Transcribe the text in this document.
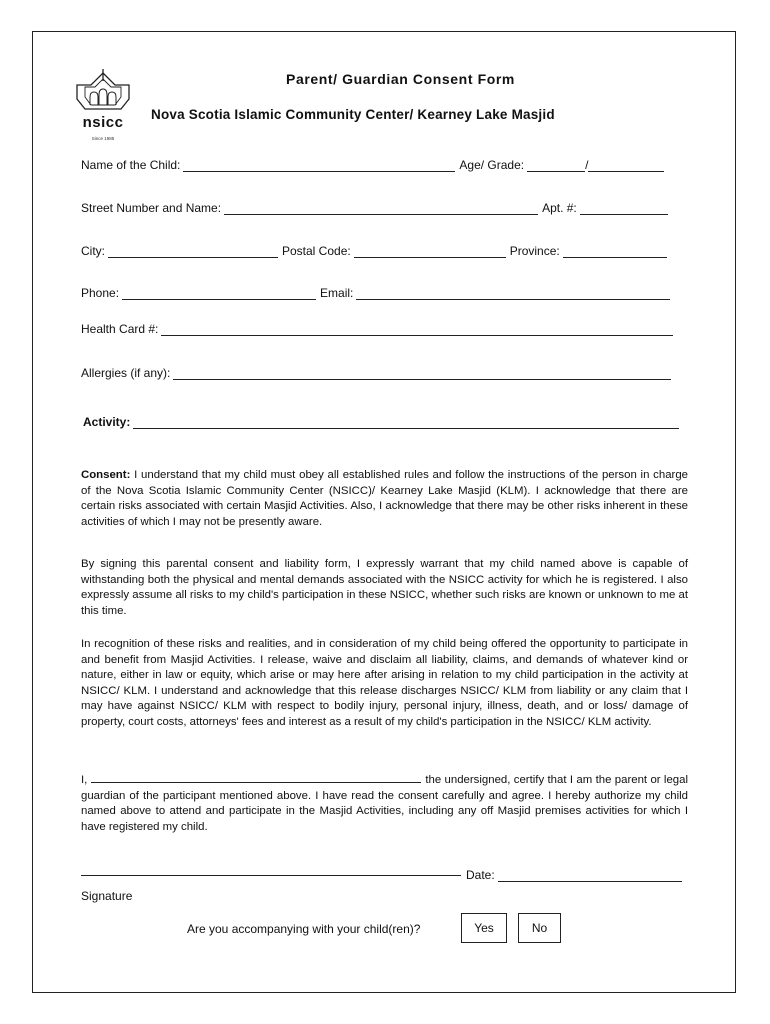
nsicc
Since 1985
Parent/ Guardian Consent Form
Nova Scotia Islamic Community Center/ Kearney Lake Masjid
Name of the Child:	Age/ Grade:	/
Street Number and Name:	Apt. #:
City:	Postal Code:	Province:
Phone:	Email:
Health Card #:
Allergies (if any):
Activity:
Consent: I understand that my child must obey all established rules and follow the instructions of the person in charge of the Nova Scotia Islamic Community Center (NSICC)/ Kearney Lake Masjid (KLM). I acknowledge that there are certain risks associated with certain Masjid Activities. Also, I acknowledge that there may be other risks inherent in these activities of which I may not be presently aware.
By signing this parental consent and liability form, I expressly warrant that my child named above is capable of withstanding both the physical and mental demands associated with the NSICC activity for which he is registered. I also expressly assume all risks to my child's participation in these NSICC, whether such risks are known or unknown to me at this time.
In recognition of these risks and realities, and in consideration of my child being offered the opportunity to participate in and benefit from Masjid Activities. I release, waive and disclaim all liability, claims, and demands of whatever kind or nature, either in law or equity, which arise or may here after arising in relation to my child participation in the activity at NSICC/ KLM. I understand and acknowledge that this release discharges NSICC/ KLM from liability or any claim that I may have against NSICC/ KLM with respect to bodily injury, personal injury, illness, death, and or loss/ damage of property, court costs, attorneys' fees and interest as a result of my child's participation in the NSICC/ KLM activity.
I,	the undersigned, certify that I am the parent or legal guardian of the participant mentioned above. I have read the consent carefully and agree. I hereby authorize my child named above to attend and participate in the Masjid Activities, including any off Masjid premises activities for which I have registered my child.
Date:
Signature
Are you accompanying with your child(ren)?	Yes	No
